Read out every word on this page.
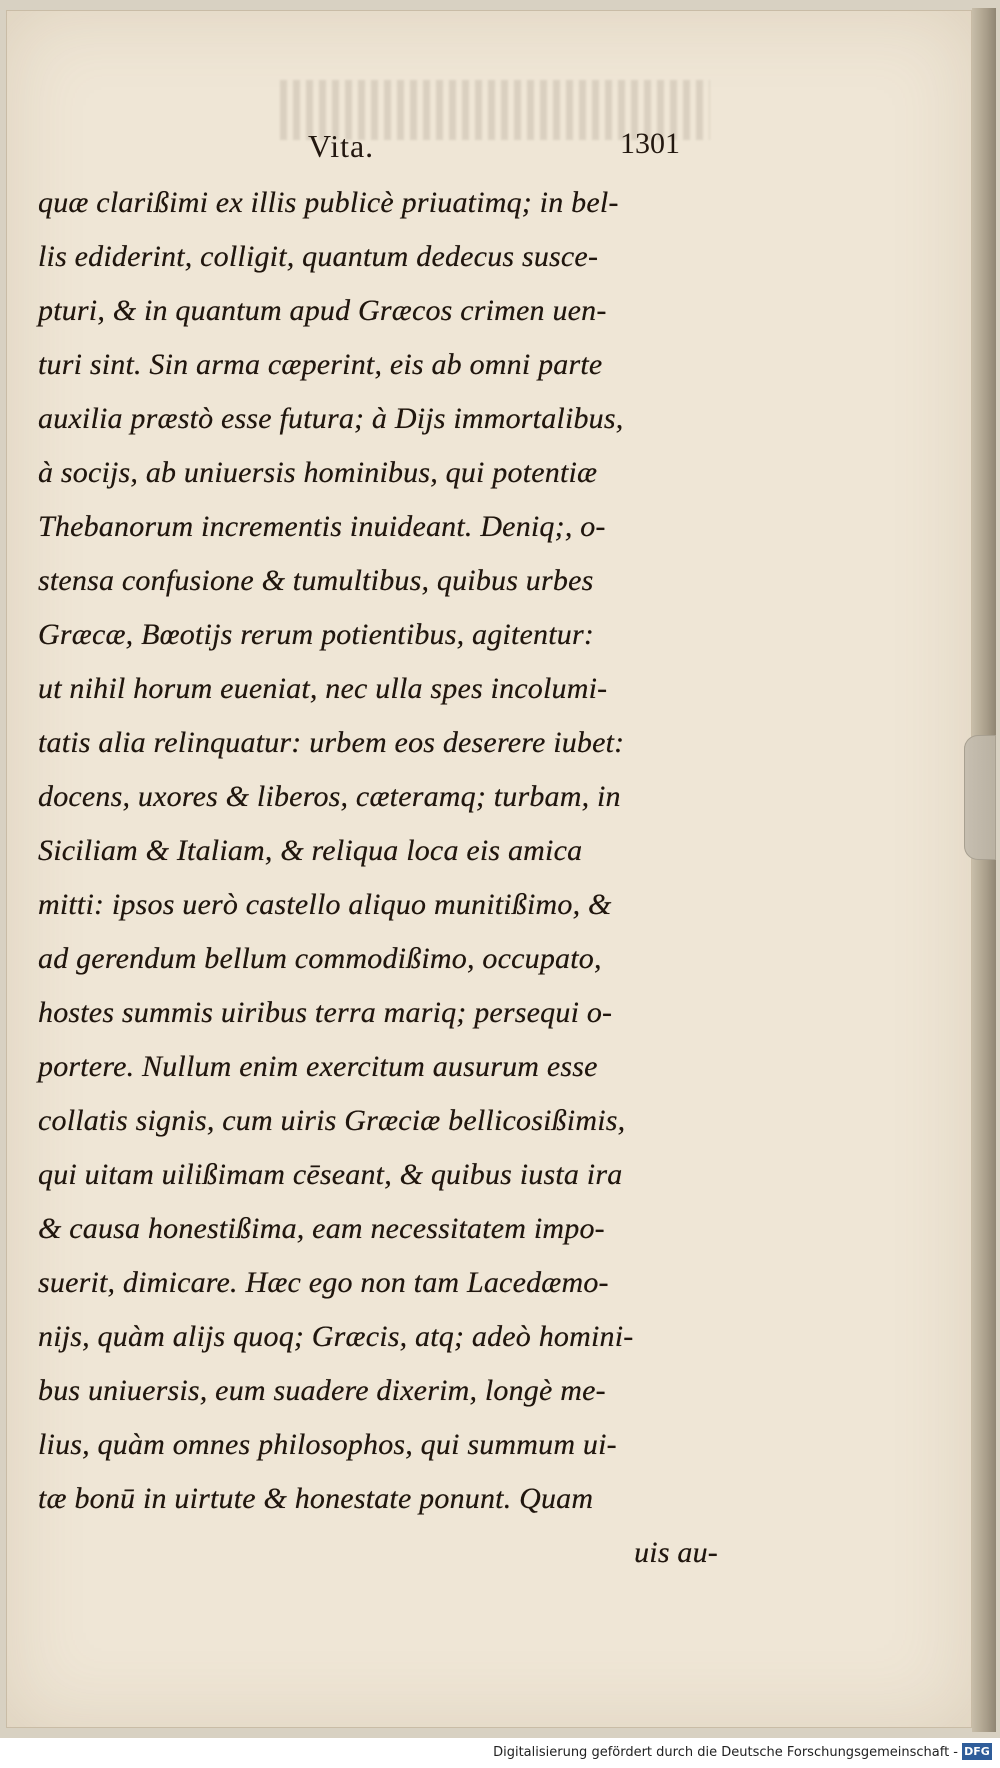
Vita.	1301
quæ clarißimi ex illis publicè priuatimq; in bel-
lis ediderint, colligit, quantum dedecus susce-
pturi, & in quantum apud Græcos crimen uen-
turi sint. Sin arma cæperint, eis ab omni parte
auxilia præstò esse futura; à Dijs immortalibus,
à socijs, ab uniuersis hominibus, qui potentiæ
Thebanorum incrementis inuideant. Deniq;, o-
stensa confusione & tumultibus, quibus urbes
Græcæ, Bœotijs rerum potientibus, agitentur:
ut nihil horum eueniat, nec ulla spes incolumi-
tatis alia relinquatur: urbem eos deserere iubet:
docens, uxores & liberos, cæteramq; turbam, in
Siciliam & Italiam, & reliqua loca eis amica
mitti: ipsos uerò castello aliquo munitißimo, &
ad gerendum bellum commodißimo, occupato,
hostes summis uiribus terra mariq; persequi o-
portere. Nullum enim exercitum ausurum esse
collatis signis, cum uiris Græciæ bellicosißimis,
qui uitam uilißimam cēseant, & quibus iusta ira
& causa honestißima, eam necessitatem impo-
suerit, dimicare. Hæc ego non tam Lacedæmo-
nijs, quàm alijs quoq; Græcis, atq; adeò homini-
bus uniuersis, eum suadere dixerim, longè me-
lius, quàm omnes philosophos, qui summum ui-
tæ bonū in uirtute & honestate ponunt. Quam
uis au-
Digitalisierung gefördert durch die Deutsche Forschungsgemeinschaft - DFG
